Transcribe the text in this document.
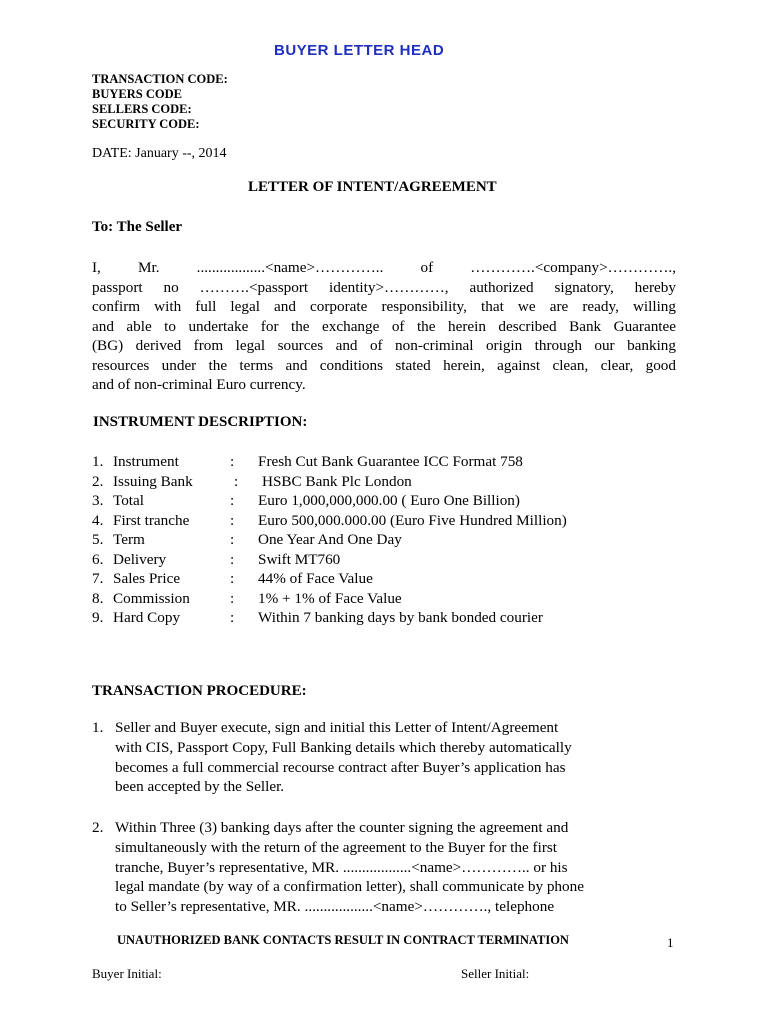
BUYER LETTER HEAD
TRANSACTION CODE:
BUYERS CODE
SELLERS CODE:
SECURITY CODE:
DATE: January --, 2014
LETTER OF INTENT/AGREEMENT
To: The Seller
I, Mr. ..................<name>………….. of ………….<company>………….,
passport no ……….<passport identity>…………, authorized signatory, hereby
confirm with full legal and corporate responsibility, that we are ready, willing
and able to undertake for the exchange of the herein described Bank Guarantee
(BG) derived from legal sources and of non-criminal origin through our banking
resources under the terms and conditions stated herein, against clean, clear, good
and of non-criminal Euro currency.
INSTRUMENT DESCRIPTION:
1. Instrument	: Fresh Cut Bank Guarantee ICC Format 758
2. Issuing Bank	: HSBC Bank Plc London
3. Total	: Euro 1,000,000,000.00 ( Euro One Billion)
4. First tranche	: Euro 500,000.000.00 (Euro Five Hundred Million)
5. Term	: One Year And One Day
6. Delivery	: Swift MT760
7. Sales Price	: 44% of Face Value
8. Commission	: 1% + 1% of Face Value
9. Hard Copy	: Within 7 banking days by bank bonded courier
TRANSACTION PROCEDURE:
1. Seller and Buyer execute, sign and initial this Letter of Intent/Agreement
with CIS, Passport Copy, Full Banking details which thereby automatically
becomes a full commercial recourse contract after Buyer’s application has
been accepted by the Seller.
2. Within Three (3) banking days after the counter signing the agreement and
simultaneously with the return of the agreement to the Buyer for the first
tranche, Buyer’s representative, MR. ..................<name>………….. or his
legal mandate (by way of a confirmation letter), shall communicate by phone
to Seller’s representative, MR. ..................<name>…………., telephone
UNAUTHORIZED BANK CONTACTS RESULT IN CONTRACT TERMINATION	1
Buyer Initial:	Seller Initial:
